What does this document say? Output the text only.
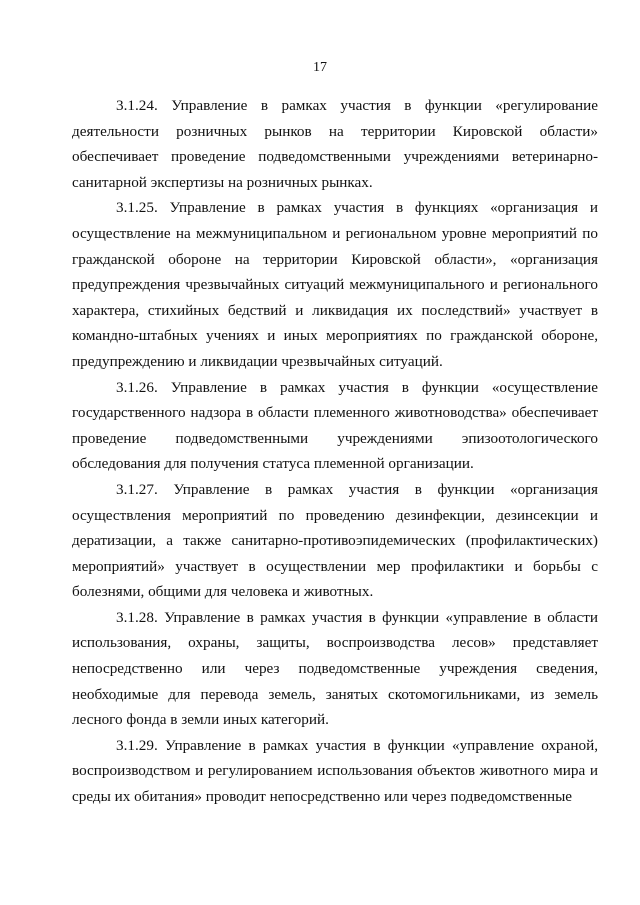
17

3.1.24. Управление в рамках участия в функции «регулирование деятельности розничных рынков на территории Кировской области» обеспечивает проведение подведомственными учреждениями ветеринарно-санитарной экспертизы на розничных рынках.

3.1.25. Управление в рамках участия в функциях «организация и осуществление на межмуниципальном и региональном уровне мероприятий по гражданской обороне на территории Кировской области», «организация предупреждения чрезвычайных ситуаций межмуниципального и регионального характера, стихийных бедствий и ликвидация их последствий» участвует в командно-штабных учениях и иных мероприятиях по гражданской обороне, предупреждению и ликвидации чрезвычайных ситуаций.

3.1.26. Управление в рамках участия в функции «осуществление государственного надзора в области племенного животноводства» обеспечивает проведение подведомственными учреждениями эпизоотологического обследования для получения статуса племенной организации.

3.1.27. Управление в рамках участия в функции «организация осуществления мероприятий по проведению дезинфекции, дезинсекции и дератизации, а также санитарно-противоэпидемических (профилактических) мероприятий» участвует в осуществлении мер профилактики и борьбы с болезнями, общими для человека и животных.

3.1.28. Управление в рамках участия в функции «управление в области использования, охраны, защиты, воспроизводства лесов» представляет непосредственно или через подведомственные учреждения сведения, необходимые для перевода земель, занятых скотомогильниками, из земель лесного фонда в земли иных категорий.

3.1.29. Управление в рамках участия в функции «управление охраной, воспроизводством и регулированием использования объектов животного мира и среды их обитания» проводит непосредственно или через подведомственные
